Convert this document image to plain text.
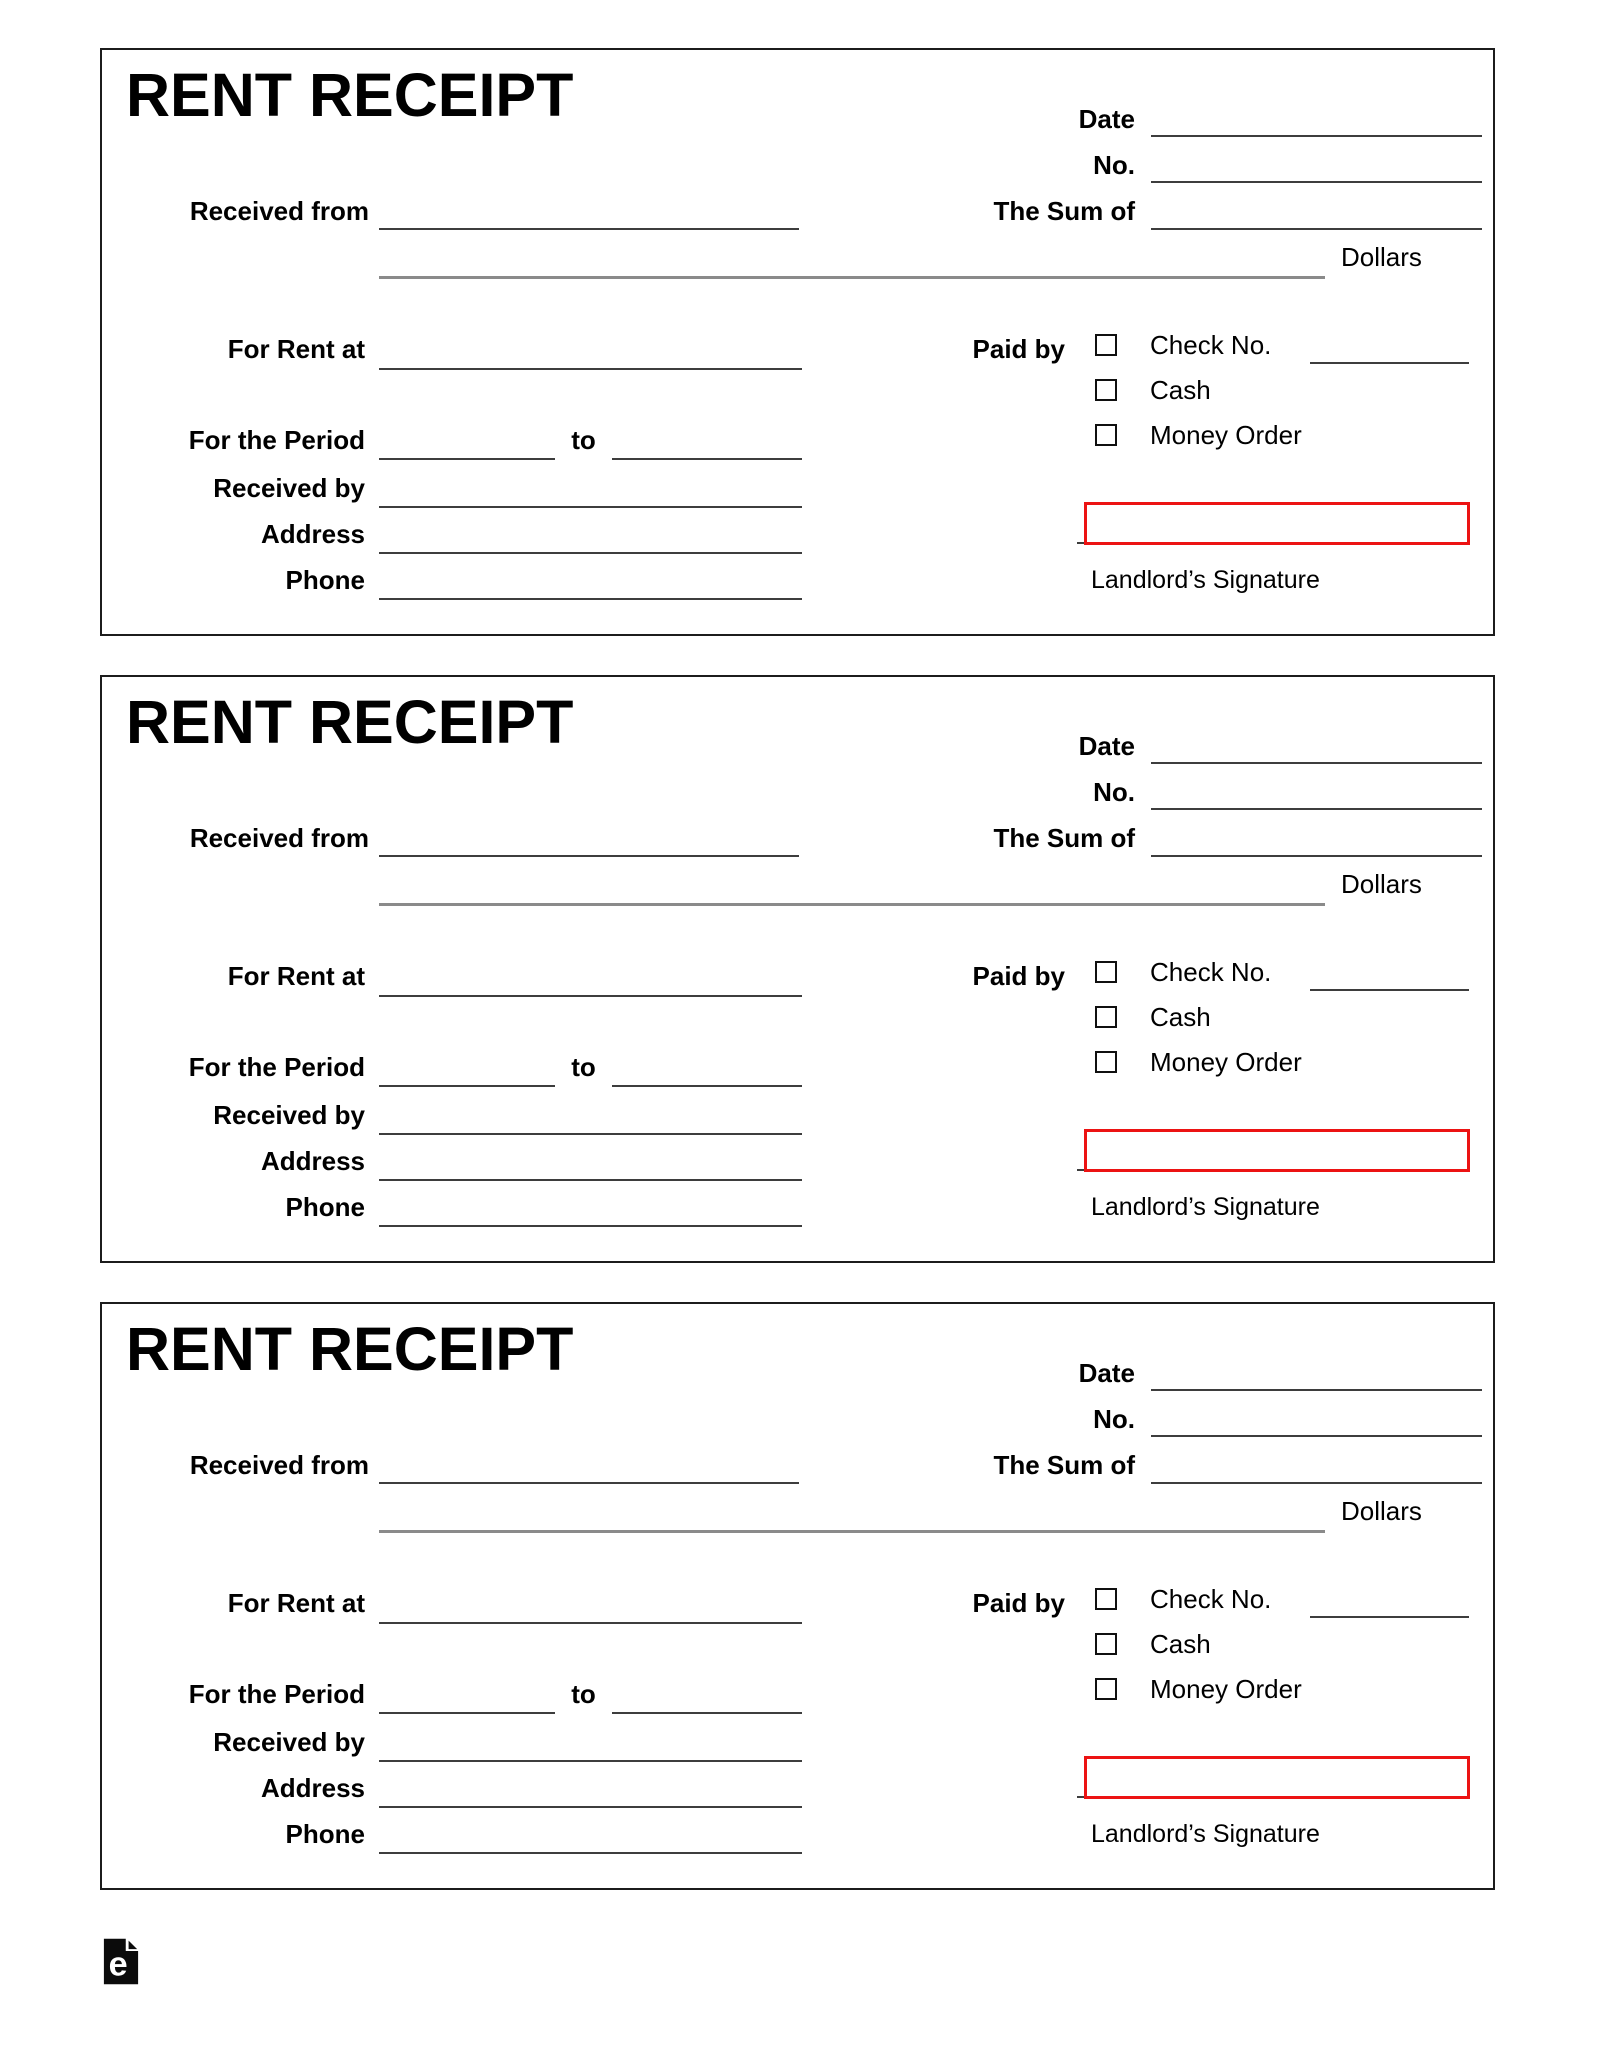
RENT RECEIPT	Date
No.
The Sum of
Received from
Dollars
For Rent at	Paid by	Check No.
Cash
Money Order
For the Period	to
Received by
Address
Phone	Landlord’s Signature
RENT RECEIPT	Date
No.
The Sum of
Received from
Dollars
For Rent at	Paid by	Check No.
Cash
Money Order
For the Period	to
Received by
Address
Phone	Landlord’s Signature
RENT RECEIPT	Date
No.
The Sum of
Received from
Dollars
For Rent at	Paid by	Check No.
Cash
Money Order
For the Period	to
Received by
Address
Phone	Landlord’s Signature
e
